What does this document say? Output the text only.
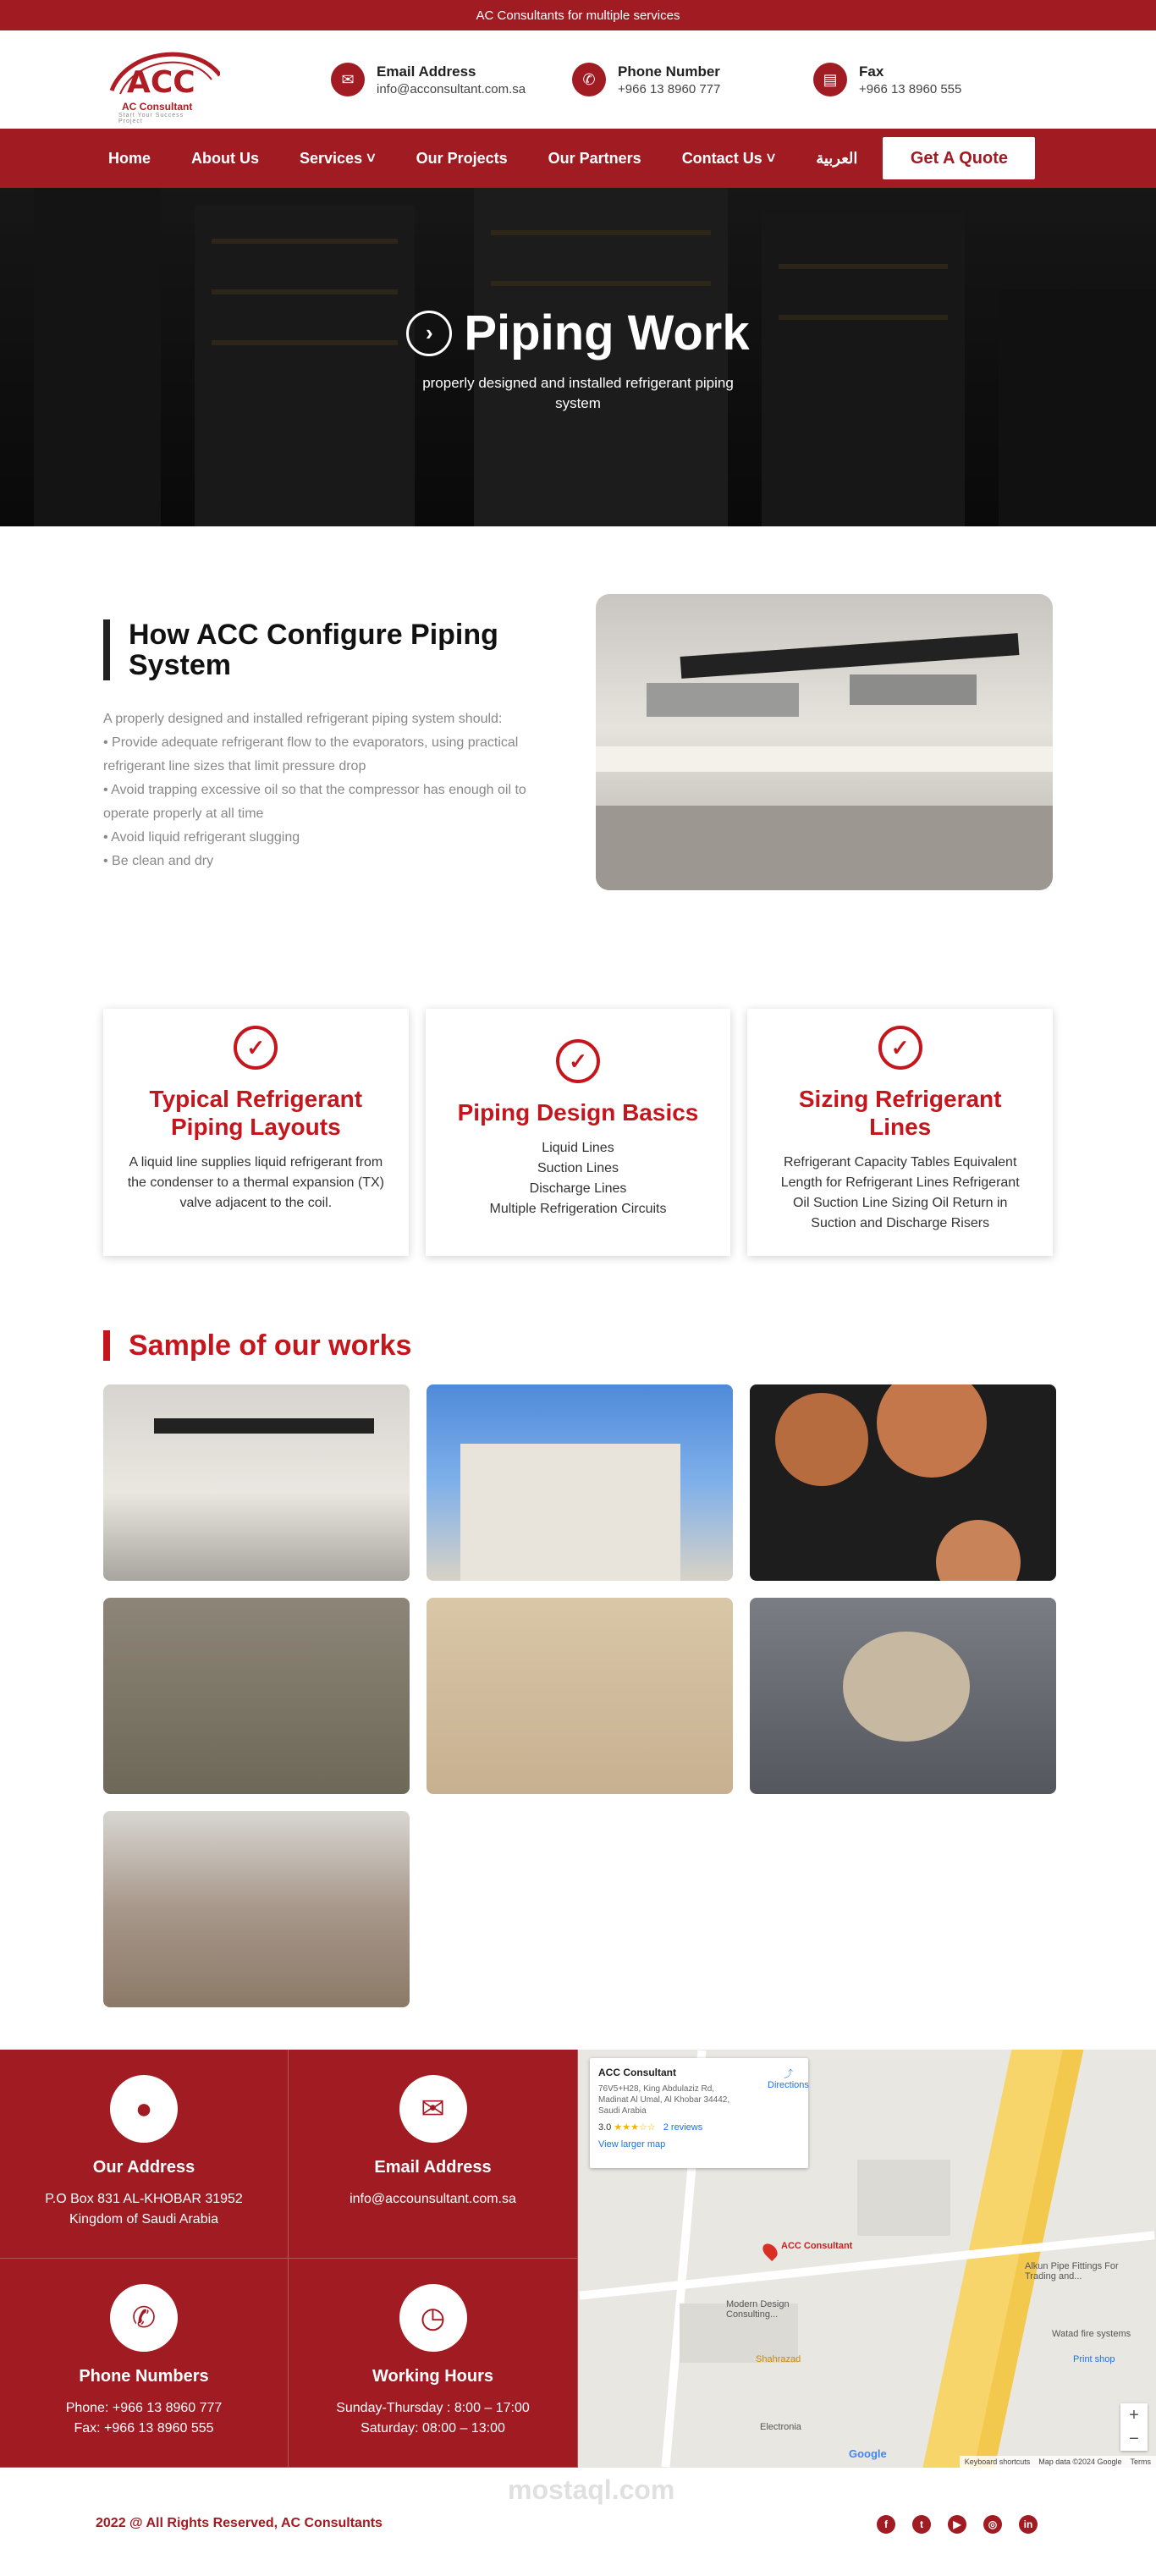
AC Consultants for multiple services
ACC
AC Consultant
Start Your Success Project
✉	Email Address
info@acconsultant.com.sa
✆	Phone Number
+966 13 8960 777
▤	Fax
+966 13 8960 555
Home	About Us	Services ˅	Our Projects	Our Partners	Contact Us ˅	العربية	Get A Quote
› Piping Work
properly designed and installed refrigerant piping system
How ACC Configure Piping System
A properly designed and installed refrigerant piping system should:
• Provide adequate refrigerant flow to the evaporators, using practical refrigerant line sizes that limit pressure drop
• Avoid trapping excessive oil so that the compressor has enough oil to operate properly at all time
• Avoid liquid refrigerant slugging
• Be clean and dry
✓
Typical Refrigerant Piping Layouts
A liquid line supplies liquid refrigerant from the condenser to a thermal expansion (TX) valve adjacent to the coil.
✓
Piping Design Basics
Liquid Lines
Suction Lines
Discharge Lines
Multiple Refrigeration Circuits
✓
Sizing Refrigerant Lines
Refrigerant Capacity Tables Equivalent Length for Refrigerant Lines Refrigerant Oil Suction Line Sizing Oil Return in Suction and Discharge Risers
Sample of our works
●
Our Address
P.O Box 831 AL-KHOBAR 31952 Kingdom of Saudi Arabia
✉
Email Address
info@accounsultant.com.sa
✆
Phone Numbers
Phone: +966 13 8960 777
Fax: +966 13 8960 555
◷
Working Hours
Sunday-Thursday : 8:00 – 17:00
Saturday: 08:00 – 13:00
ACC Consultant
Modern Design Consulting...
Shahrazad
Electronia
Alkun Pipe Fittings For Trading and...
Watad fire systems
Print shop
ACC Consultant	⤴
Directions
76V5+H28, King Abdulaziz Rd, Madinat Al Umal, Al Khobar 34442, Saudi Arabia
3.0 ★★★☆☆ 2 reviews
View larger map
+
−
Google
Keyboard shortcuts Map data ©2024 Google Terms
mostaql.com
2022 @ All Rights Reserved, AC Consultants	f	t	▶	◎	in
